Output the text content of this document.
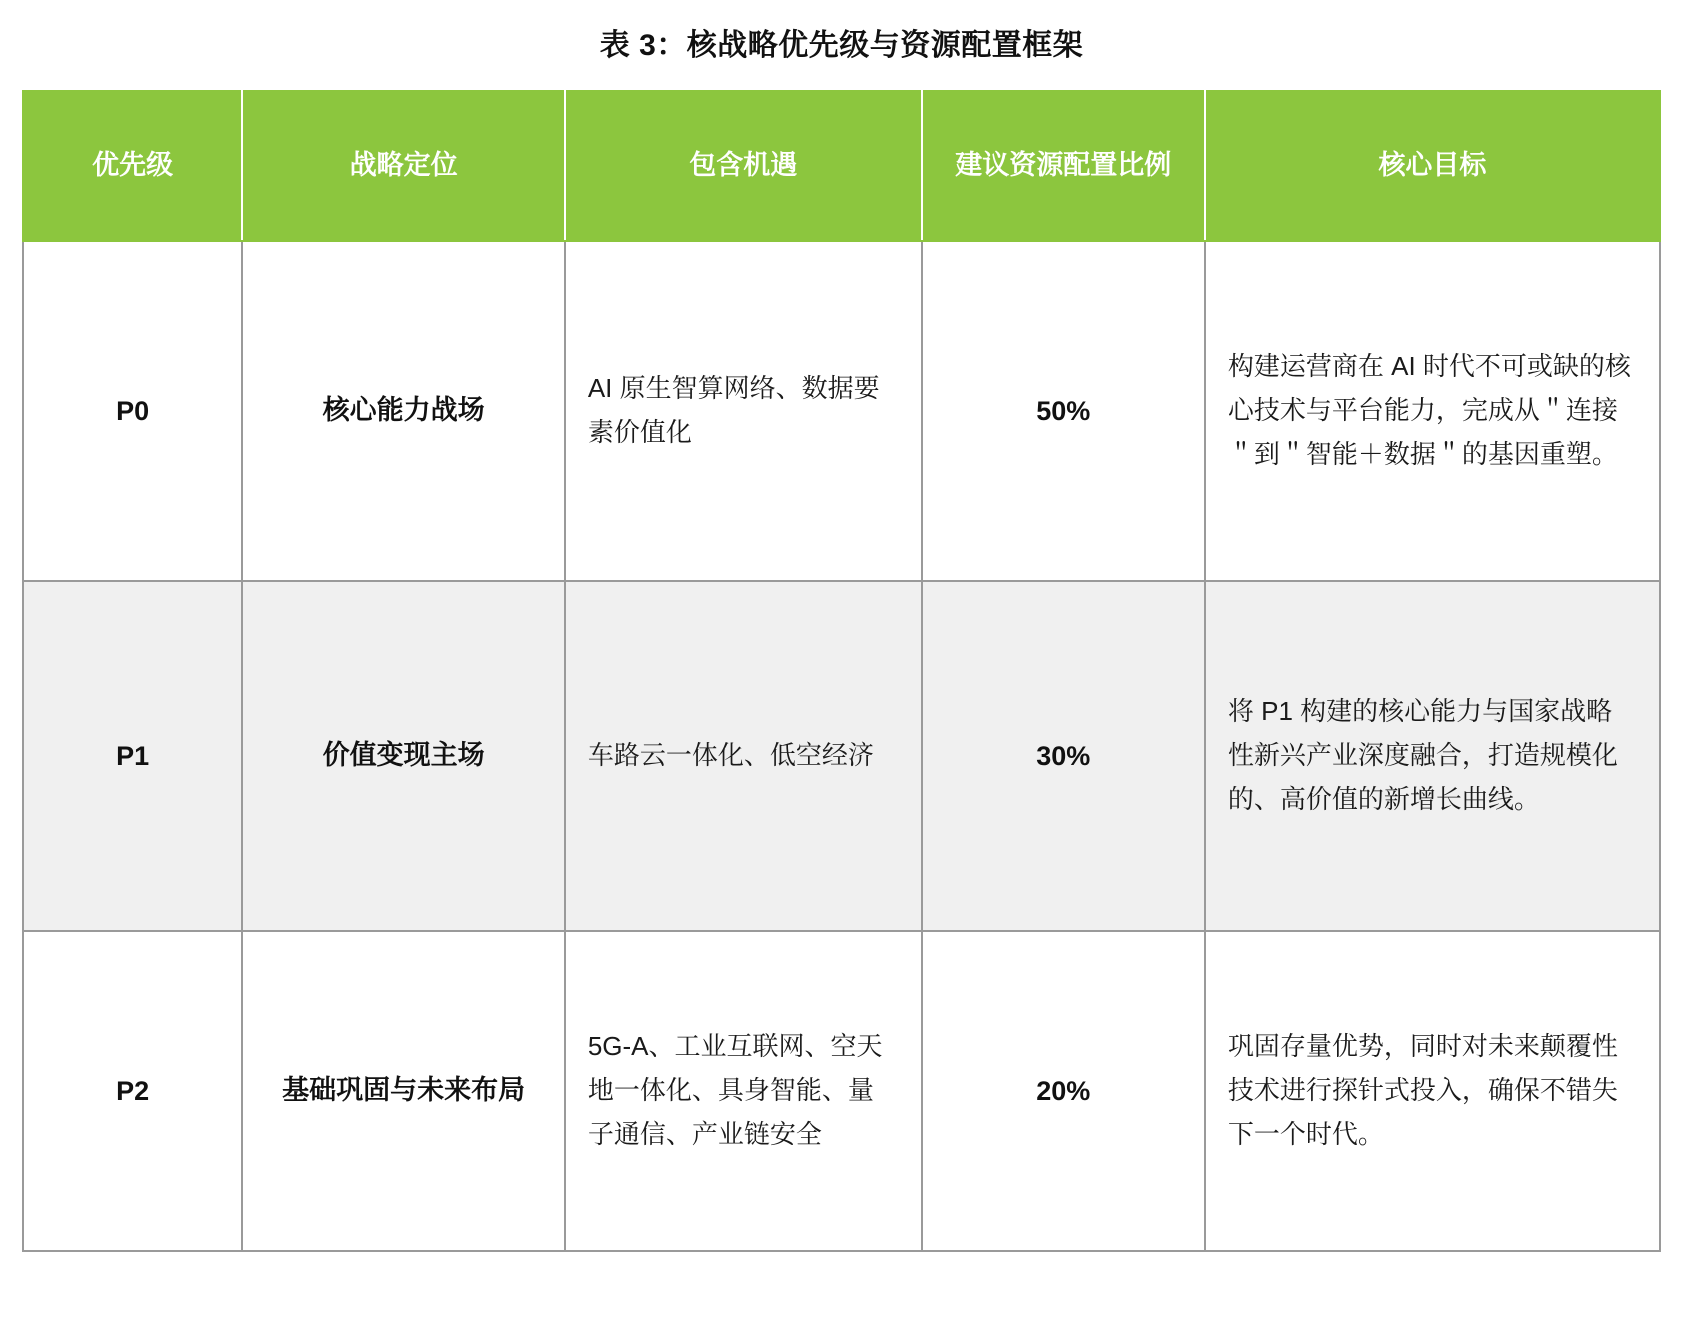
表 3：核战略优先级与资源配置框架
优先级	战略定位	包含机遇	建议资源配置比例	核心目标
P0	核心能力战场	AI 原生智算网络、数据要素价值化	50%	构建运营商在 AI 时代不可或缺的核心技术与平台能力，完成从＂连接＂到＂智能＋数据＂的基因重塑。
P1	价值变现主场	车路云一体化、低空经济	30%	将 P1 构建的核心能力与国家战略性新兴产业深度融合，打造规模化的、高价值的新增长曲线。
P2	基础巩固与未来布局	5G-A、工业互联网、空天地一体化、具身智能、量子通信、产业链安全	20%	巩固存量优势，同时对未来颠覆性技术进行探针式投入，确保不错失下一个时代。
